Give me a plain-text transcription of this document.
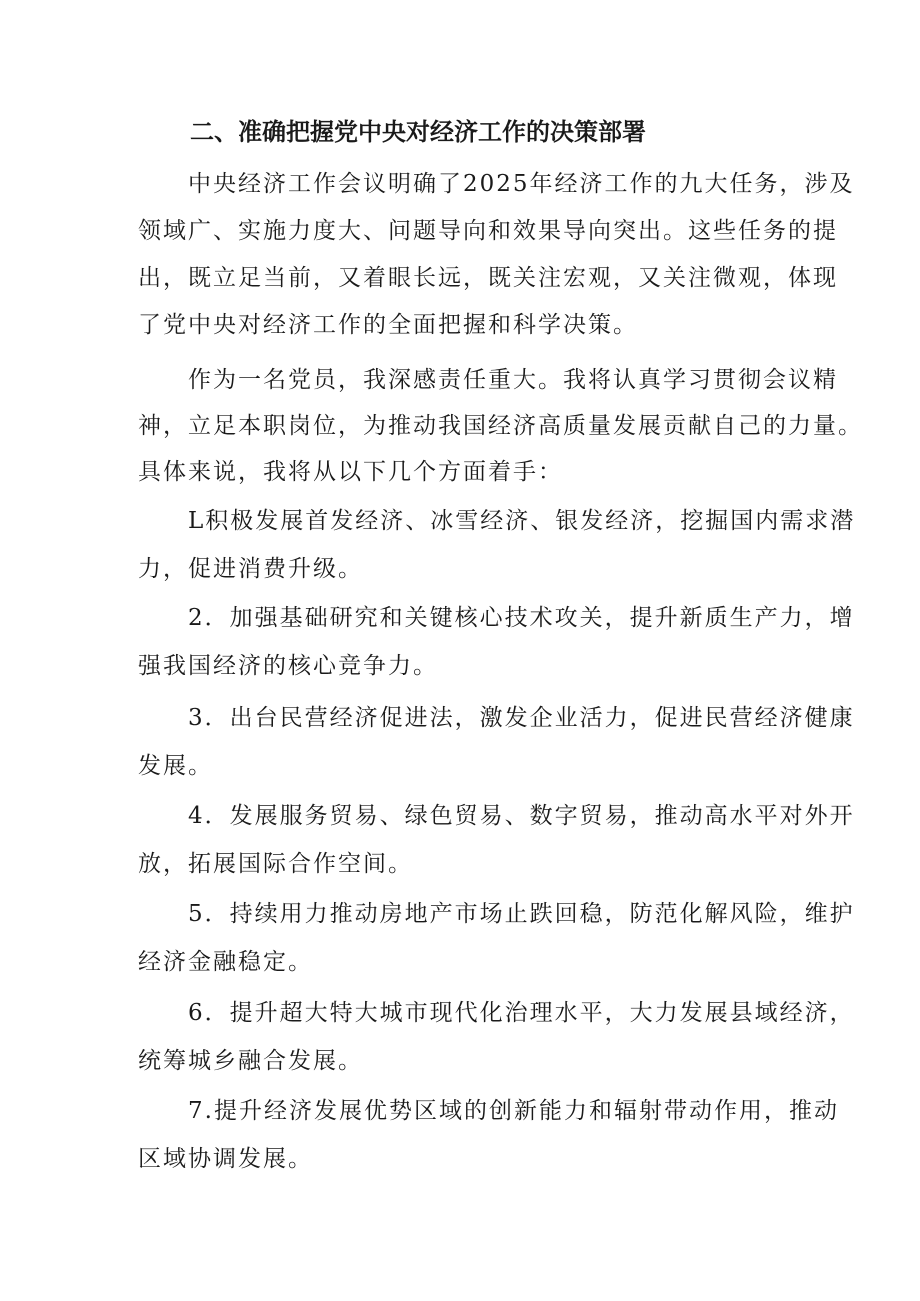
二、准确把握党中央对经济工作的决策部署

中央经济工作会议明确了2025年经济工作的九大任务，涉及

领域广、实施力度大、问题导向和效果导向突出。这些任务的提

出，既立足当前，又着眼长远，既关注宏观，又关注微观，体现

了党中央对经济工作的全面把握和科学决策。

作为一名党员，我深感责任重大。我将认真学习贯彻会议精

神，立足本职岗位，为推动我国经济高质量发展贡献自己的力量。

具体来说，我将从以下几个方面着手：

L积极发展首发经济、冰雪经济、银发经济，挖掘国内需求潜

力，促进消费升级。

2．加强基础研究和关键核心技术攻关，提升新质生产力，增

强我国经济的核心竞争力。

3．出台民营经济促进法，激发企业活力，促进民营经济健康

发展。

4．发展服务贸易、绿色贸易、数字贸易，推动高水平对外开

放，拓展国际合作空间。

5．持续用力推动房地产市场止跌回稳，防范化解风险，维护

经济金融稳定。

6．提升超大特大城市现代化治理水平，大力发展县域经济，

统筹城乡融合发展。

7.提升经济发展优势区域的创新能力和辐射带动作用，推动

区域协调发展。
